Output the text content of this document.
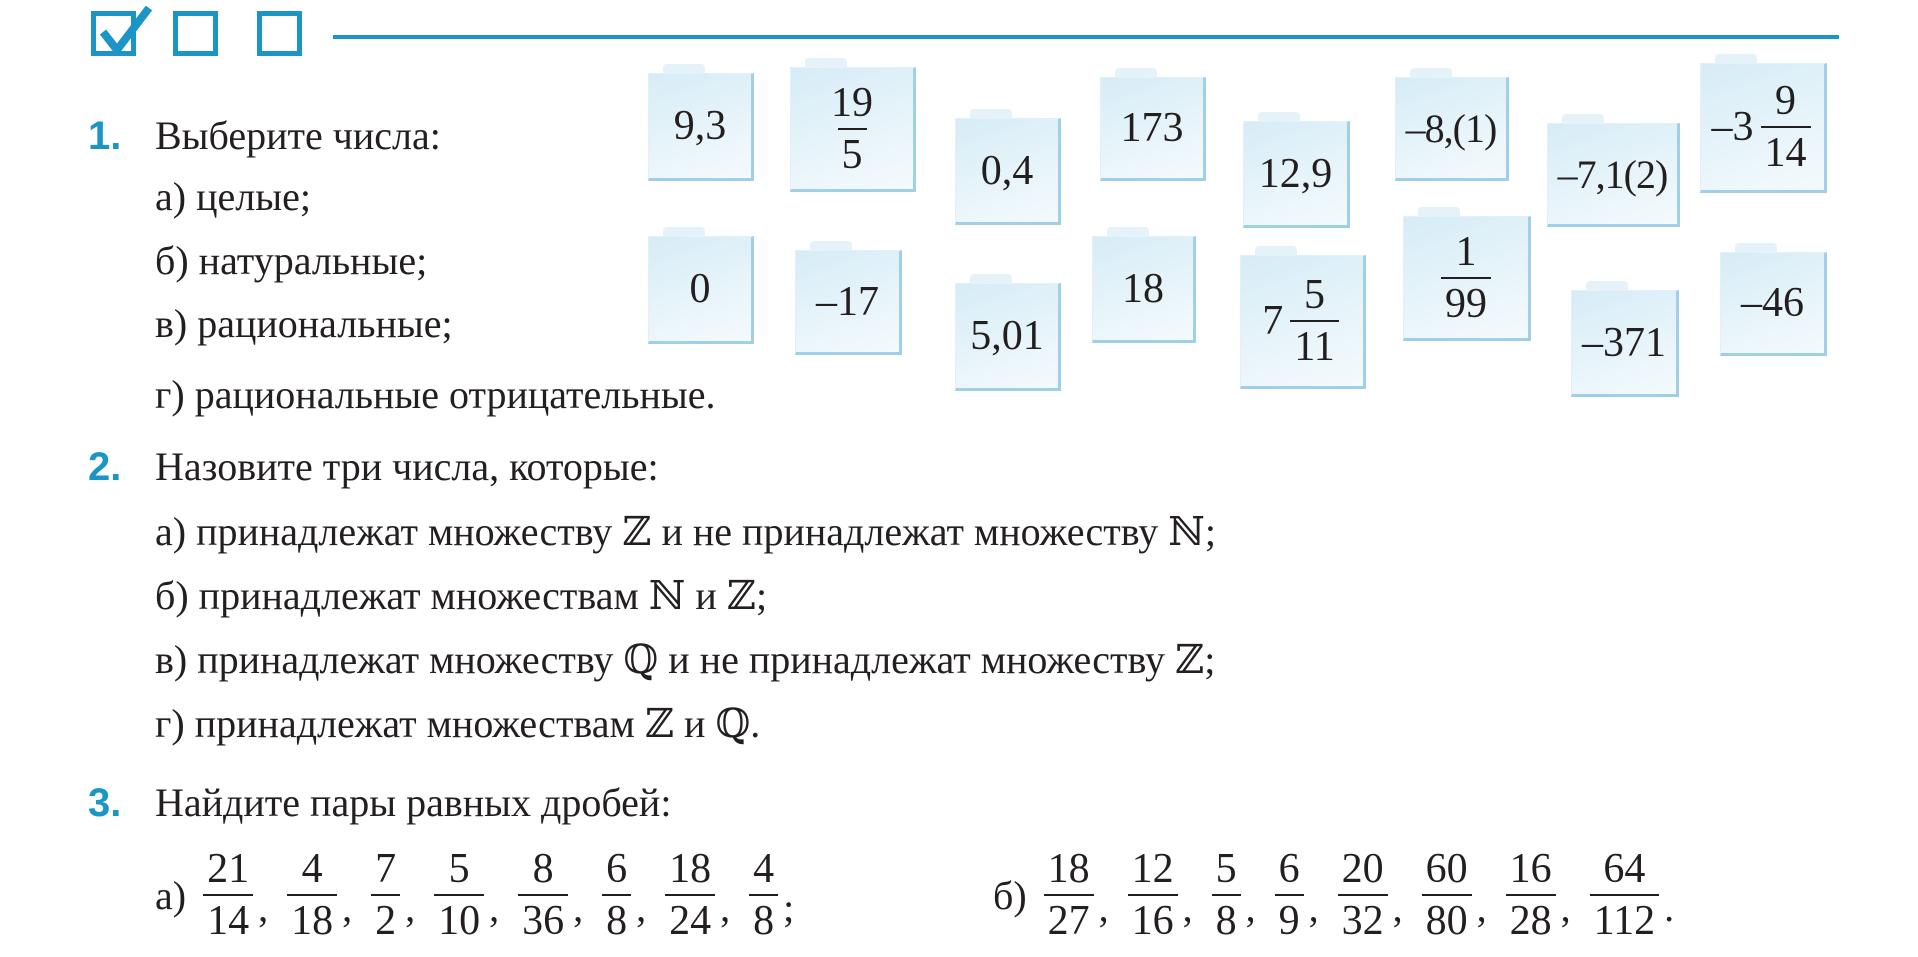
1. Выберите числа:
а) целые;
б) натуральные;
в) рациональные;
г) рациональные отрицательные.
$9,3 \frac{19}{5} 0,4$
173
12,9
–8,(1)
–7,1(2)
$-3 \frac{9}{14}$
0	–17
5,01
18
$7 \frac{5}{11} \frac{1}{99}$
–371
–46
2. Назовите три числа, которые:
а) принадлежат множеству ℤ и не принадлежат множеству ℕ;
б) принадлежат множествам ℕ и ℤ;
в) принадлежат множеству ℚ и не принадлежат множеству ℤ;
г) принадлежат множествам ℤ и ℚ.
3. Найдите пары равных дробей:
$а) \frac{21}{14}$ , $\frac{4}{18}$ , $\frac{7}{2}$ , $\frac{5}{10}$ , $\frac{8}{36}$ , $\frac{6}{8}$ , $\frac{18}{24}$ , $\frac{4}{8}$ ;	$б) \frac{18}{27}$ , $\frac{12}{16}$ , $\frac{5}{8}$ , $\frac{6}{9}$ , $\frac{20}{32}$ , $\frac{60}{80}$ , $\frac{16}{28}$ , $\frac{64}{112}$ .
